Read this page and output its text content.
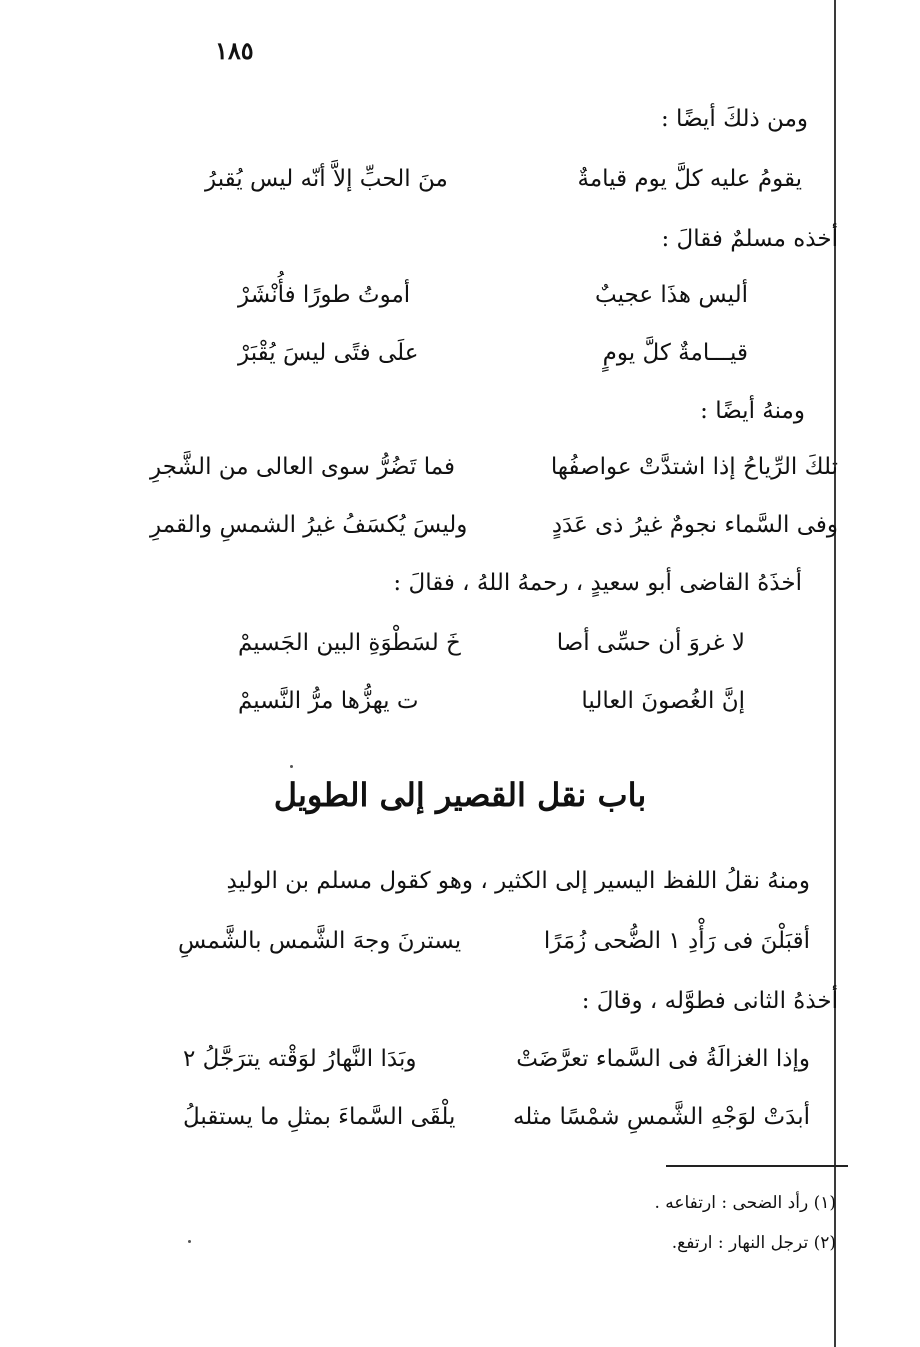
١٨٥
ومن ذلكَ أيضًا :
يقومُ عليه كلَّ يوم قيامةٌ
منَ الحبِّ إلاَّ أنّه ليس يُقبرُ
أخذه مسلمٌ فقالَ :
أليس هذَا عجيبٌ
أموتُ طورًا فأُنْشَرْ
قيـــامةٌ كلَّ يومٍ
علَى فتًى ليسَ يُقْبَرْ
ومنهُ أيضًا :
تلكَ الرِّياحُ إذا اشتدَّتْ عواصفُها
فما تَضُرُّ سوى العالى من الشَّجرِ
وفى السَّماء نجومٌ غيرُ ذى عَدَدٍ
وليسَ يُكسَفُ غيرُ الشمسِ والقمرِ
أخذَهُ القاضى أبو سعيدٍ ، رحمهُ اللهُ ، فقالَ :
لا غروَ أن حسِّى أصا
خَ لسَطْوَةِ البين الجَسيمْ
إنَّ الغُصونَ العاليا
ت يهزُّها مرُّ النَّسيمْ
باب نقل القصير إلى الطويل
ومنهُ نقلُ اللفظ اليسير إلى الكثير ، وهو كقول مسلم بن الوليدِ
أقبَلْنَ فى رَأْدِ ١ الضُّحى زُمَرًا
يسترنَ وجهَ الشَّمس بالشَّمسِ
أخذهُ الثانى فطوَّله ، وقالَ :
وإذا الغزالَةُ فى السَّماء تعرَّضَتْ
وبَدَا النَّهارُ لوَقْته يترَجَّلُ ٢
أبدَتْ لوَجْهِ الشَّمسِ شمْسًا مثله
يلْقَى السَّماءَ بمثلِ ما يستقبلُ
(١) رأد الضحى : ارتفاعه .
(٢) ترجل النهار : ارتفع.
